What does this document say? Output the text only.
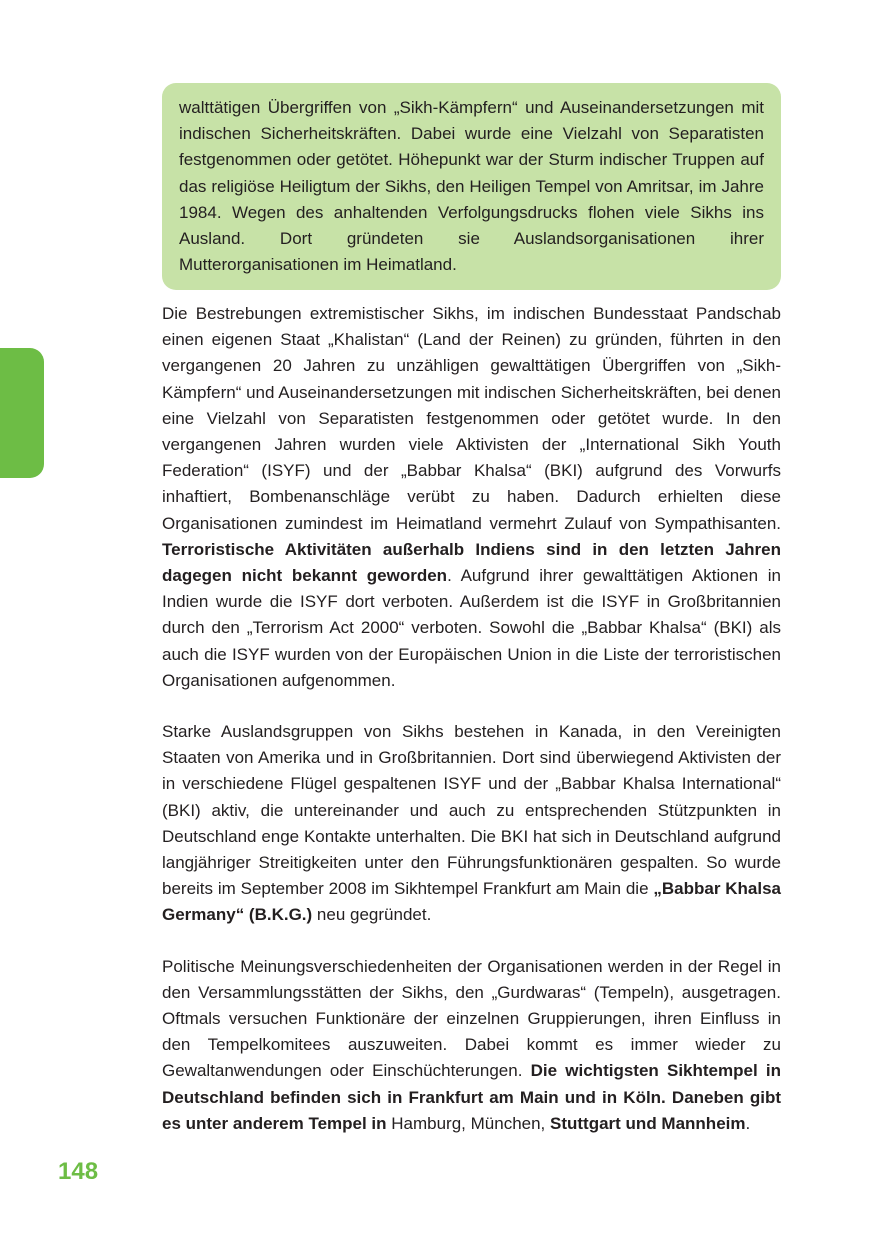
walttätigen Übergriffen von „Sikh-Kämpfern“ und Auseinandersetzungen mit indischen Sicherheitskräften. Dabei wurde eine Vielzahl von Separatisten festgenommen oder getötet. Höhepunkt war der Sturm indischer Truppen auf das religiöse Heiligtum der Sikhs, den Heiligen Tempel von Amritsar, im Jahre 1984. Wegen des anhaltenden Verfolgungsdrucks flohen viele Sikhs ins Ausland. Dort gründeten sie Auslandsorganisationen ihrer Mutterorganisationen im Heimatland.

Die Bestrebungen extremistischer Sikhs, im indischen Bundesstaat Pandschab einen eigenen Staat „Khalistan“ (Land der Reinen) zu gründen, führten in den vergangenen 20 Jahren zu unzähligen gewalttätigen Übergriffen von „Sikh-Kämpfern“ und Auseinandersetzungen mit indischen Sicherheitskräften, bei denen eine Vielzahl von Separatisten festgenommen oder getötet wurde. In den vergangenen Jahren wurden viele Aktivisten der „International Sikh Youth Federation“ (ISYF) und der „Babbar Khalsa“ (BKI) aufgrund des Vorwurfs inhaftiert, Bombenanschläge verübt zu haben. Dadurch erhielten diese Organisationen zumindest im Heimatland vermehrt Zulauf von Sympathisanten. Terroristische Aktivitäten außerhalb Indiens sind in den letzten Jahren dagegen nicht bekannt geworden. Aufgrund ihrer gewalttätigen Aktionen in Indien wurde die ISYF dort verboten. Außerdem ist die ISYF in Großbritannien durch den „Terrorism Act 2000“ verboten. Sowohl die „Babbar Khalsa“ (BKI) als auch die ISYF wurden von der Europäischen Union in die Liste der terroristischen Organisationen aufgenommen.

Starke Auslandsgruppen von Sikhs bestehen in Kanada, in den Vereinigten Staaten von Amerika und in Großbritannien. Dort sind überwiegend Aktivisten der in verschiedene Flügel gespaltenen ISYF und der „Babbar Khalsa International“ (BKI) aktiv, die untereinander und auch zu entsprechenden Stützpunkten in Deutschland enge Kontakte unterhalten. Die BKI hat sich in Deutschland aufgrund langjähriger Streitigkeiten unter den Führungsfunktionären gespalten. So wurde bereits im September 2008 im Sikhtempel Frankfurt am Main die „Babbar Khalsa Germany“ (B.K.G.) neu gegründet.

Politische Meinungsverschiedenheiten der Organisationen werden in der Regel in den Versammlungsstätten der Sikhs, den „Gurdwaras“ (Tempeln), ausgetragen. Oftmals versuchen Funktionäre der einzelnen Gruppierungen, ihren Einfluss in den Tempelkomitees auszuweiten. Dabei kommt es immer wieder zu Gewaltanwendungen oder Einschüchterungen. Die wichtigsten Sikhtempel in Deutschland befinden sich in Frankfurt am Main und in Köln. Daneben gibt es unter anderem Tempel in Hamburg, München, Stuttgart und Mannheim.

148
